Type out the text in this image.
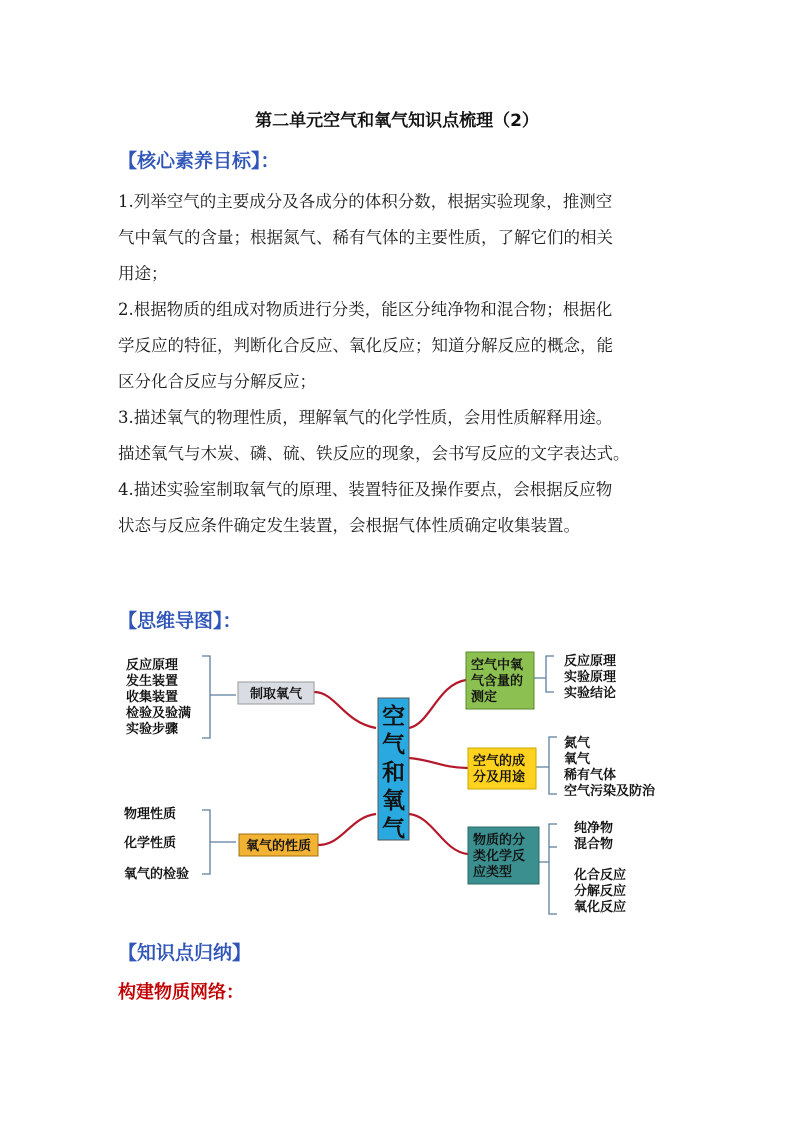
第二单元空气和氧气知识点梳理（2）
【核心素养目标】：

1.列举空气的主要成分及各成分的体积分数，根据实验现象，推测空

气中氧气的含量；根据氮气、稀有气体的主要性质，了解它们的相关

用途；

2.根据物质的组成对物质进行分类，能区分纯净物和混合物；根据化

学反应的特征，判断化合反应、氧化反应；知道分解反应的概念，能

区分化合反应与分解反应；

3.描述氧气的物理性质，理解氧气的化学性质，会用性质解释用途。

描述氧气与木炭、磷、硫、铁反应的现象，会书写反应的文字表达式。

4.描述实验室制取氧气的原理、装置特征及操作要点，会根据反应物

状态与反应条件确定发生装置，会根据气体性质确定收集装置。

【思维导图】：
空
气
和
氧
气
制取氧气
氧气的性质
空气中氧
气含量的
测定
空气的成
分及用途
物质的分
类化学反
应类型
反应原理
发生装置
收集装置
检验及验满
实验步骤
物理性质
化学性质
氧气的检验
反应原理
实验原理
实验结论
氮气
氧气
稀有气体
空气污染及防治
纯净物
混合物
化合反应
分解反应
氧化反应
【知识点归纳】
构建物质网络：
